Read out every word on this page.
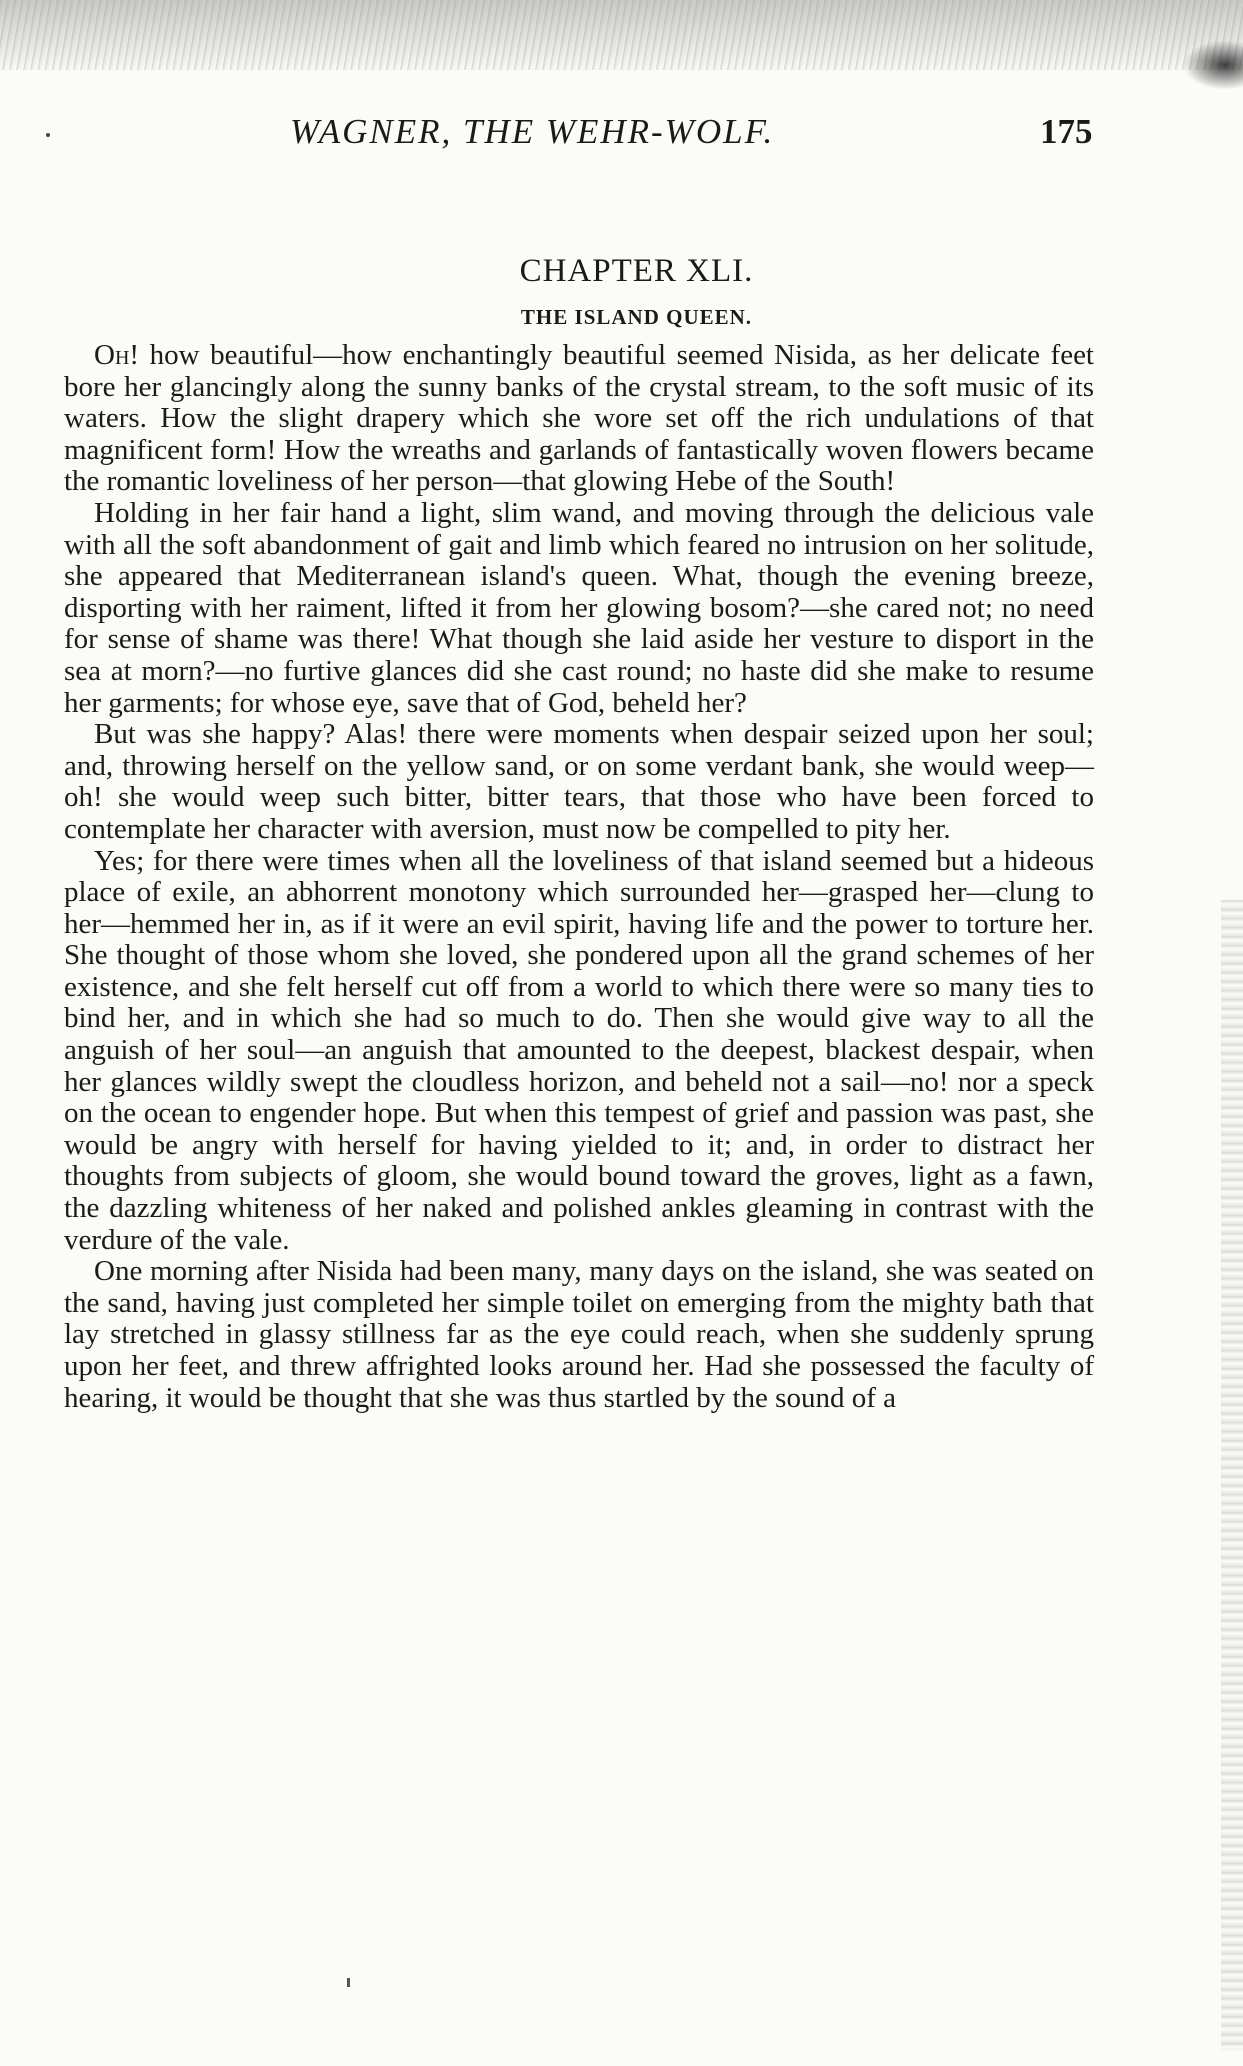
WAGNER, THE WEHR-WOLF.	175
CHAPTER XLI.
THE ISLAND QUEEN.

Oh! how beautiful—how enchantingly beautiful seemed Nisida, as her delicate feet bore her glancingly along the sunny banks of the crystal stream, to the soft music of its waters. How the slight drapery which she wore set off the rich undulations of that magnificent form! How the wreaths and garlands of fantastically woven flowers became the romantic loveliness of her person—that glowing Hebe of the South!

Holding in her fair hand a light, slim wand, and moving through the delicious vale with all the soft abandonment of gait and limb which feared no intrusion on her solitude, she appeared that Mediterranean island's queen. What, though the evening breeze, disporting with her raiment, lifted it from her glowing bosom?—she cared not; no need for sense of shame was there! What though she laid aside her vesture to disport in the sea at morn?—no furtive glances did she cast round; no haste did she make to resume her garments; for whose eye, save that of God, beheld her?

But was she happy? Alas! there were moments when despair seized upon her soul; and, throwing herself on the yellow sand, or on some verdant bank, she would weep—oh! she would weep such bitter, bitter tears, that those who have been forced to contemplate her character with aversion, must now be compelled to pity her.

Yes; for there were times when all the loveliness of that island seemed but a hideous place of exile, an abhorrent monotony which surrounded her—grasped her—clung to her—hemmed her in, as if it were an evil spirit, having life and the power to torture her. She thought of those whom she loved, she pondered upon all the grand schemes of her existence, and she felt herself cut off from a world to which there were so many ties to bind her, and in which she had so much to do. Then she would give way to all the anguish of her soul—an anguish that amounted to the deepest, blackest despair, when her glances wildly swept the cloudless horizon, and beheld not a sail—no! nor a speck on the ocean to engender hope. But when this tempest of grief and passion was past, she would be angry with herself for having yielded to it; and, in order to distract her thoughts from subjects of gloom, she would bound toward the groves, light as a fawn, the dazzling whiteness of her naked and polished ankles gleaming in contrast with the verdure of the vale.

One morning after Nisida had been many, many days on the island, she was seated on the sand, having just completed her simple toilet on emerging from the mighty bath that lay stretched in glassy stillness far as the eye could reach, when she suddenly sprung upon her feet, and threw affrighted looks around her. Had she possessed the faculty of hearing, it would be thought that she was thus startled by the sound of a
